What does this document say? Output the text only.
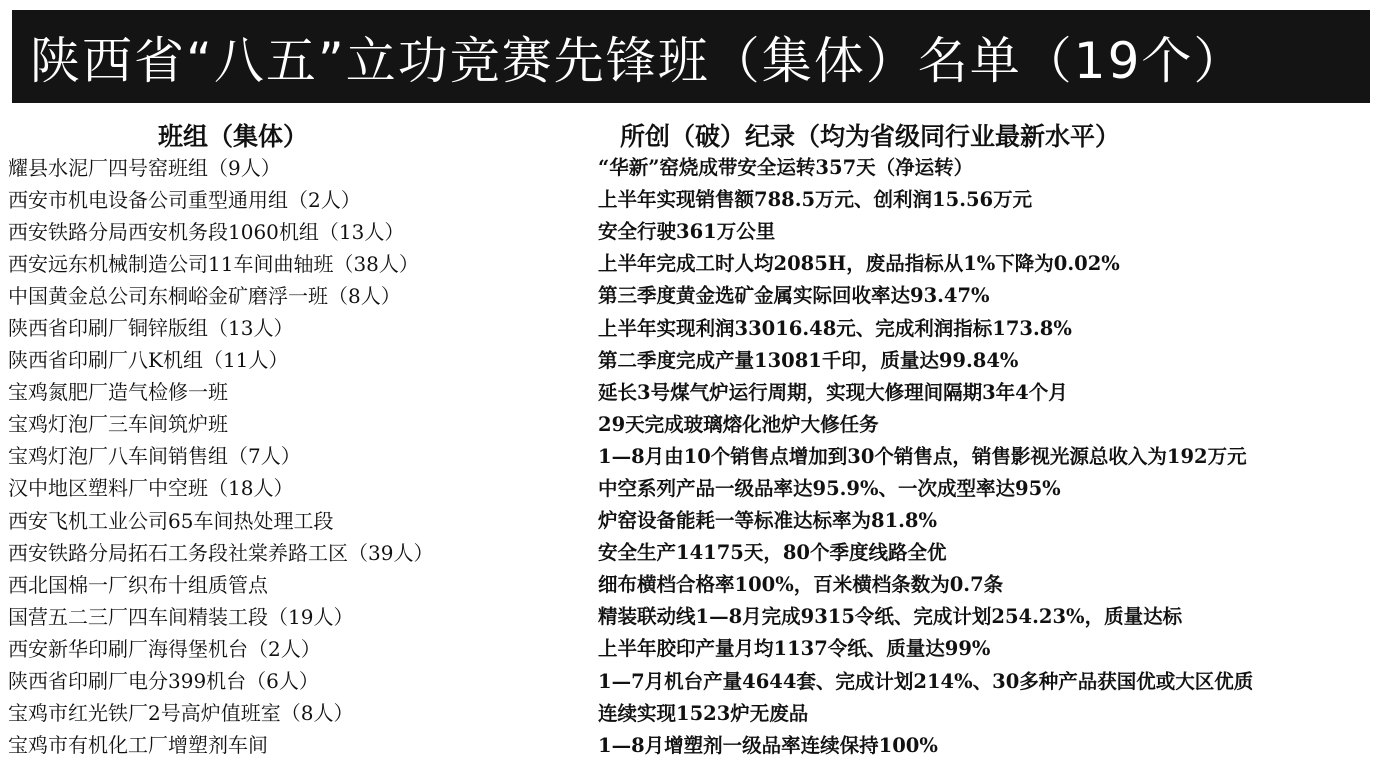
陕西省“八五”立功竞赛先锋班（集体）名单（19个）
班组（集体）	所创（破）纪录（均为省级同行业最新水平）
耀县水泥厂四号窑班组（9人）	“华新”窑烧成带安全运转357天（净运转）
西安市机电设备公司重型通用组（2人）	上半年实现销售额788.5万元、创利润15.56万元
西安铁路分局西安机务段1060机组（13人）	安全行驶361万公里
西安远东机械制造公司11车间曲轴班（38人）	上半年完成工时人均2085H，废品指标从1%下降为0.02%
中国黄金总公司东桐峪金矿磨浮一班（8人）	第三季度黄金选矿金属实际回收率达93.47%
陕西省印刷厂铜锌版组（13人）	上半年实现利润33016.48元、完成利润指标173.8%
陕西省印刷厂八K机组（11人）	第二季度完成产量13081千印，质量达99.84%
宝鸡氮肥厂造气检修一班	延长3号煤气炉运行周期，实现大修理间隔期3年4个月
宝鸡灯泡厂三车间筑炉班	29天完成玻璃熔化池炉大修任务
宝鸡灯泡厂八车间销售组（7人）	1—8月由10个销售点增加到30个销售点，销售影视光源总收入为192万元
汉中地区塑料厂中空班（18人）	中空系列产品一级品率达95.9%、一次成型率达95%
西安飞机工业公司65车间热处理工段	炉窑设备能耗一等标准达标率为81.8%
西安铁路分局拓石工务段社棠养路工区（39人）	安全生产14175天，80个季度线路全优
西北国棉一厂织布十组质管点	细布横档合格率100%，百米横档条数为0.7条
国营五二三厂四车间精装工段（19人）	精装联动线1—8月完成9315令纸、完成计划254.23%，质量达标
西安新华印刷厂海得堡机台（2人）	上半年胶印产量月均1137令纸、质量达99%
陕西省印刷厂电分399机台（6人）	1—7月机台产量4644套、完成计划214%、30多种产品获国优或大区优质
宝鸡市红光铁厂2号高炉值班室（8人）	连续实现1523炉无废品
宝鸡市有机化工厂增塑剂车间	1—8月增塑剂一级品率连续保持100%
